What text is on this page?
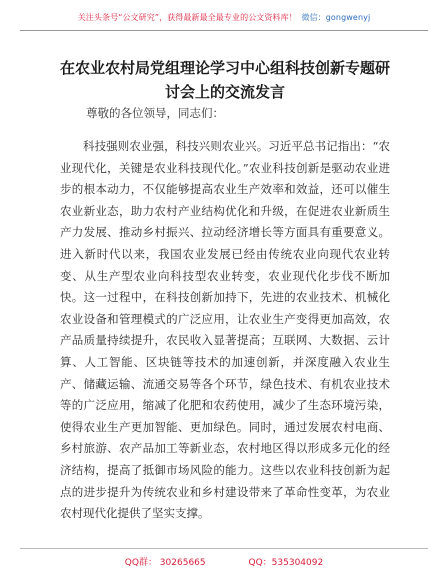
关注头条号“公文研究”，获得最新最全最专业的公文资料库！ 微信：gongwenyj
在农业农村局党组理论学习中心组科技创新专题研讨会上的交流发言
尊敬的各位领导，同志们：

科技强则农业强，科技兴则农业兴。习近平总书记指出：“农业现代化，关键是农业科技现代化。”农业科技创新是驱动农业进步的根本动力，不仅能够提高农业生产效率和效益，还可以催生农业新业态，助力农村产业结构优化和升级，在促进农业新质生产力发展、推动乡村振兴、拉动经济增长等方面具有重要意义。进入新时代以来，我国农业发展已经由传统农业向现代农业转变、从生产型农业向科技型农业转变，农业现代化步伐不断加快。这一过程中，在科技创新加持下，先进的农业技术、机械化农业设备和管理模式的广泛应用，让农业生产变得更加高效，农产品质量持续提升，农民收入显著提高；互联网、大数据、云计算、人工智能、区块链等技术的加速创新，并深度融入农业生产、储藏运输、流通交易等各个环节，绿色技术、有机农业技术等的广泛应用，缩减了化肥和农药使用，减少了生态环境污染，使得农业生产更加智能、更加绿色。同时，通过发展农村电商、乡村旅游、农产品加工等新业态，农村地区得以形成多元化的经济结构，提高了抵御市场风险的能力。这些以农业科技创新为起点的进步提升为传统农业和乡村建设带来了革命性变革，为农业农村现代化提供了坚实支撑。

QQ群： 30265665	QQ：535304092
